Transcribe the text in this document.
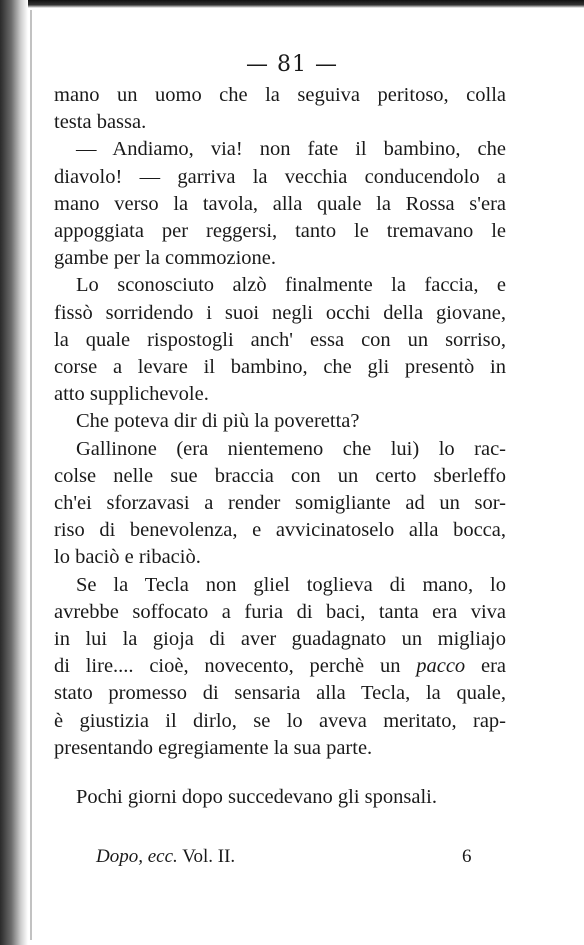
— 81 —
mano un uomo che la seguiva peritoso, colla
testa bassa.
— Andiamo, via! non fate il bambino, che
diavolo! — garriva la vecchia conducendolo a
mano verso la tavola, alla quale la Rossa s'era
appoggiata per reggersi, tanto le tremavano le
gambe per la commozione.
Lo sconosciuto alzò finalmente la faccia, e
fissò sorridendo i suoi negli occhi della giovane,
la quale rispostogli anch' essa con un sorriso,
corse a levare il bambino, che gli presentò in
atto supplichevole.
Che poteva dir di più la poveretta?
Gallinone (era nientemeno che lui) lo rac-
colse nelle sue braccia con un certo sberleffo
ch'ei sforzavasi a render somigliante ad un sor-
riso di benevolenza, e avvicinatoselo alla bocca,
lo baciò e ribaciò.
Se la Tecla non gliel toglieva di mano, lo
avrebbe soffocato a furia di baci, tanta era viva
in lui la gioja di aver guadagnato un migliajo
di lire.... cioè, novecento, perchè un pacco era
stato promesso di sensaria alla Tecla, la quale,
è giustizia il dirlo, se lo aveva meritato, rap-
presentando egregiamente la sua parte.
Pochi giorni dopo succedevano gli sponsali.
Dopo, ecc. Vol. II.	6
